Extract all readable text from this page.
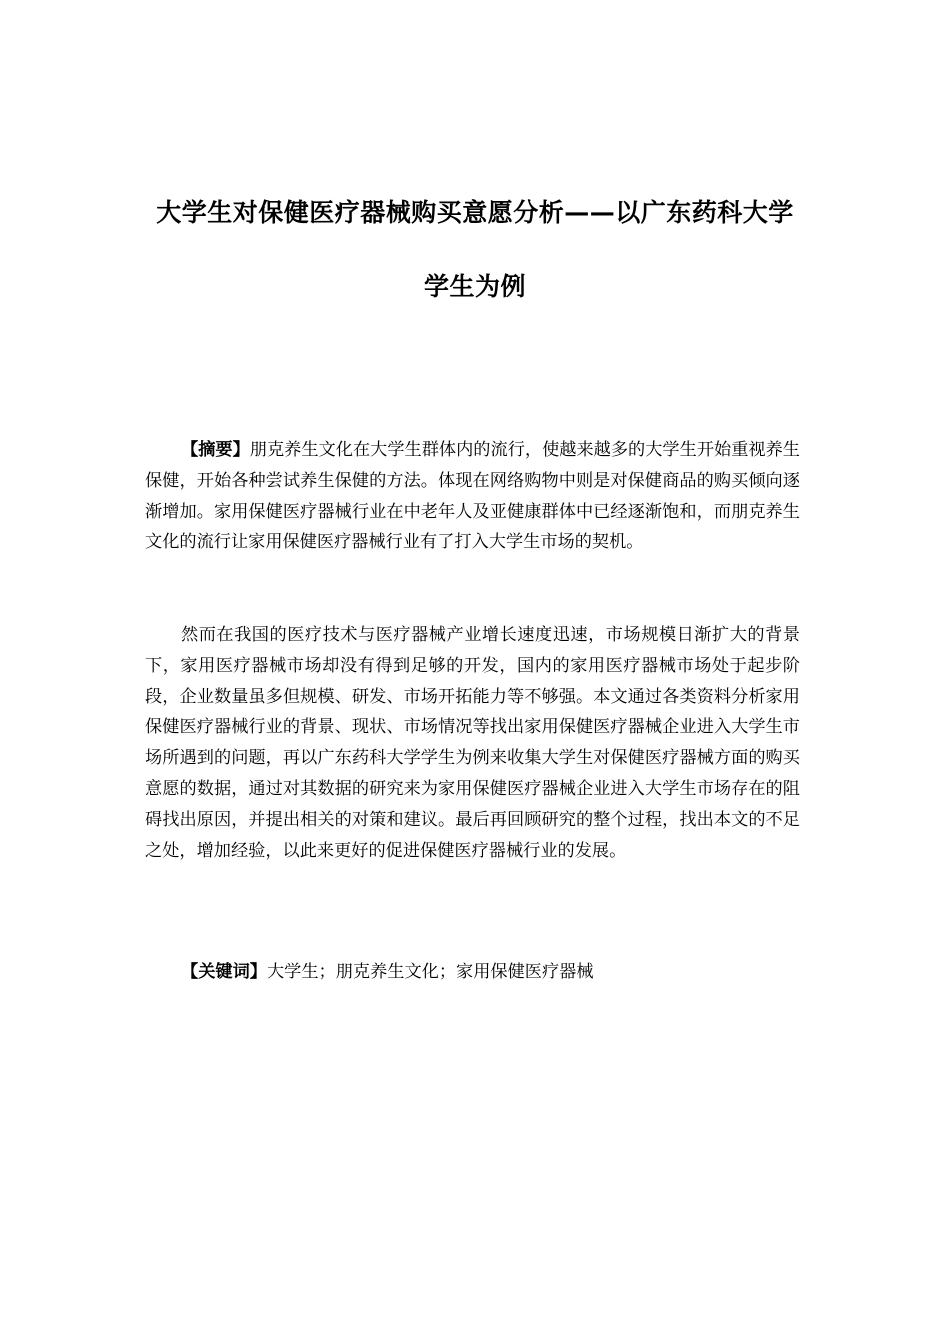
大学生对保健医疗器械购买意愿分析——以广东药科大学
学生为例

【摘要】朋克养生文化在大学生群体内的流行，使越来越多的大学生开始重视养生保健，开始各种尝试养生保健的方法。体现在网络购物中则是对保健商品的购买倾向逐渐增加。家用保健医疗器械行业在中老年人及亚健康群体中已经逐渐饱和，而朋克养生文化的流行让家用保健医疗器械行业有了打入大学生市场的契机。

然而在我国的医疗技术与医疗器械产业增长速度迅速，市场规模日渐扩大的背景下，家用医疗器械市场却没有得到足够的开发，国内的家用医疗器械市场处于起步阶段，企业数量虽多但规模、研发、市场开拓能力等不够强。本文通过各类资料分析家用保健医疗器械行业的背景、现状、市场情况等找出家用保健医疗器械企业进入大学生市场所遇到的问题，再以广东药科大学学生为例来收集大学生对保健医疗器械方面的购买意愿的数据，通过对其数据的研究来为家用保健医疗器械企业进入大学生市场存在的阻碍找出原因，并提出相关的对策和建议。最后再回顾研究的整个过程，找出本文的不足之处，增加经验，以此来更好的促进保健医疗器械行业的发展。

【关键词】大学生；朋克养生文化；家用保健医疗器械
